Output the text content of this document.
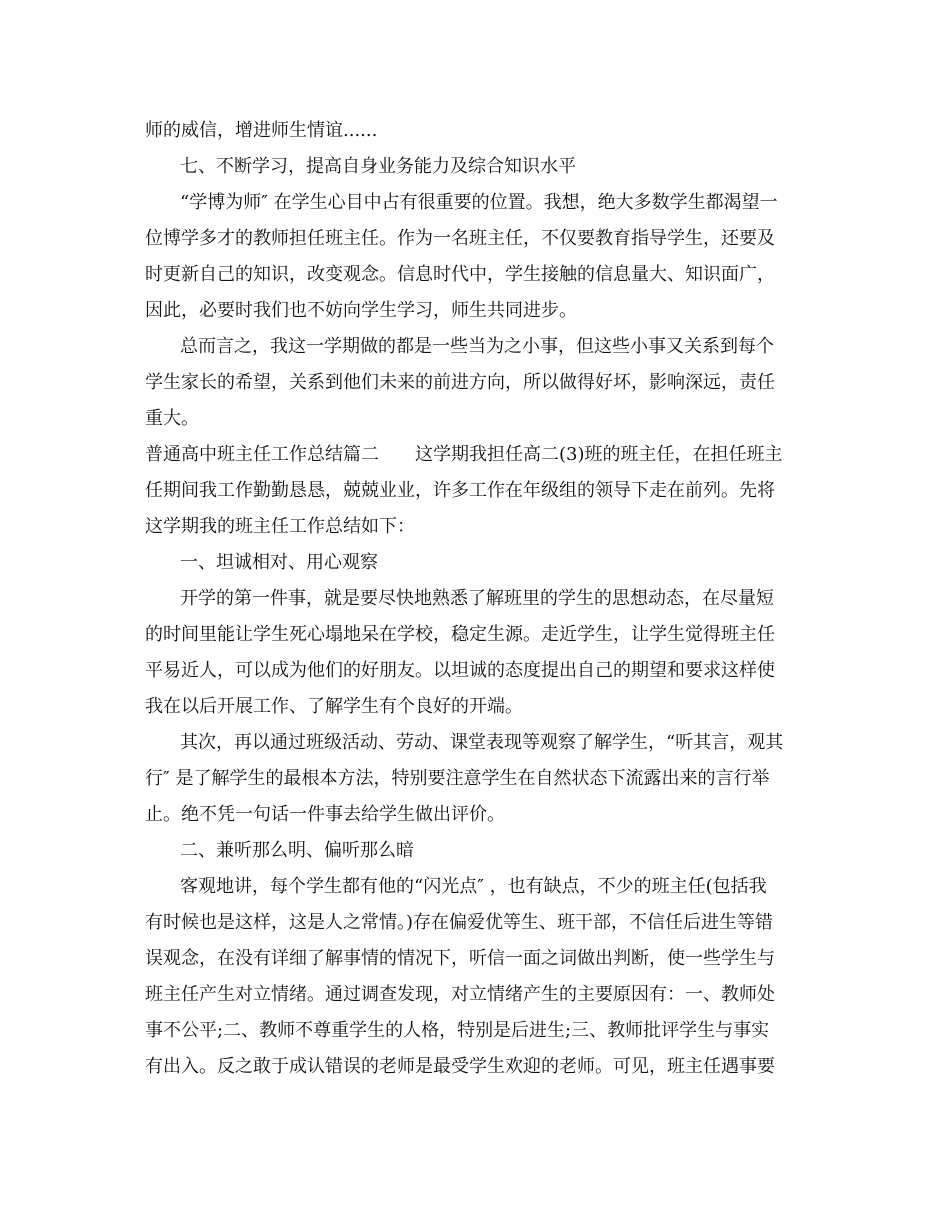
师的威信，增进师生情谊......

七、不断学习，提高自身业务能力及综合知识水平

“学博为师″ 在学生心目中占有很重要的位置。我想，绝大多数学生都渴望一

位博学多才的教师担任班主任。作为一名班主任，不仅要教育指导学生，还要及

时更新自己的知识，改变观念。信息时代中，学生接触的信息量大、知识面广，

因此，必要时我们也不妨向学生学习，师生共同进步。

总而言之，我这一学期做的都是一些当为之小事，但这些小事又关系到每个

学生家长的希望，关系到他们未来的前进方向，所以做得好坏，影响深远，责任

重大。

普通高中班主任工作总结篇二　　这学期我担任高二(3)班的班主任，在担任班主

任期间我工作勤勤恳恳，兢兢业业，许多工作在年级组的领导下走在前列。先将

这学期我的班主任工作总结如下：

一、坦诚相对、用心观察

开学的第一件事，就是要尽快地熟悉了解班里的学生的思想动态，在尽量短

的时间里能让学生死心塌地呆在学校，稳定生源。走近学生，让学生觉得班主任

平易近人，可以成为他们的好朋友。以坦诚的态度提出自己的期望和要求这样使

我在以后开展工作、了解学生有个良好的开端。

其次，再以通过班级活动、劳动、课堂表现等观察了解学生，“听其言，观其

行″ 是了解学生的最根本方法，特别要注意学生在自然状态下流露出来的言行举

止。绝不凭一句话一件事去给学生做出评价。

二、兼听那么明、偏听那么暗

客观地讲，每个学生都有他的“闪光点″ ，也有缺点，不少的班主任(包括我

有时候也是这样，这是人之常情。)存在偏爱优等生、班干部，不信任后进生等错

误观念，在没有详细了解事情的情况下，听信一面之词做出判断，使一些学生与

班主任产生对立情绪。通过调查发现，对立情绪产生的主要原因有：一、教师处

事不公平;二、教师不尊重学生的人格，特别是后进生;三、教师批评学生与事实

有出入。反之敢于成认错误的老师是最受学生欢迎的老师。可见，班主任遇事要
